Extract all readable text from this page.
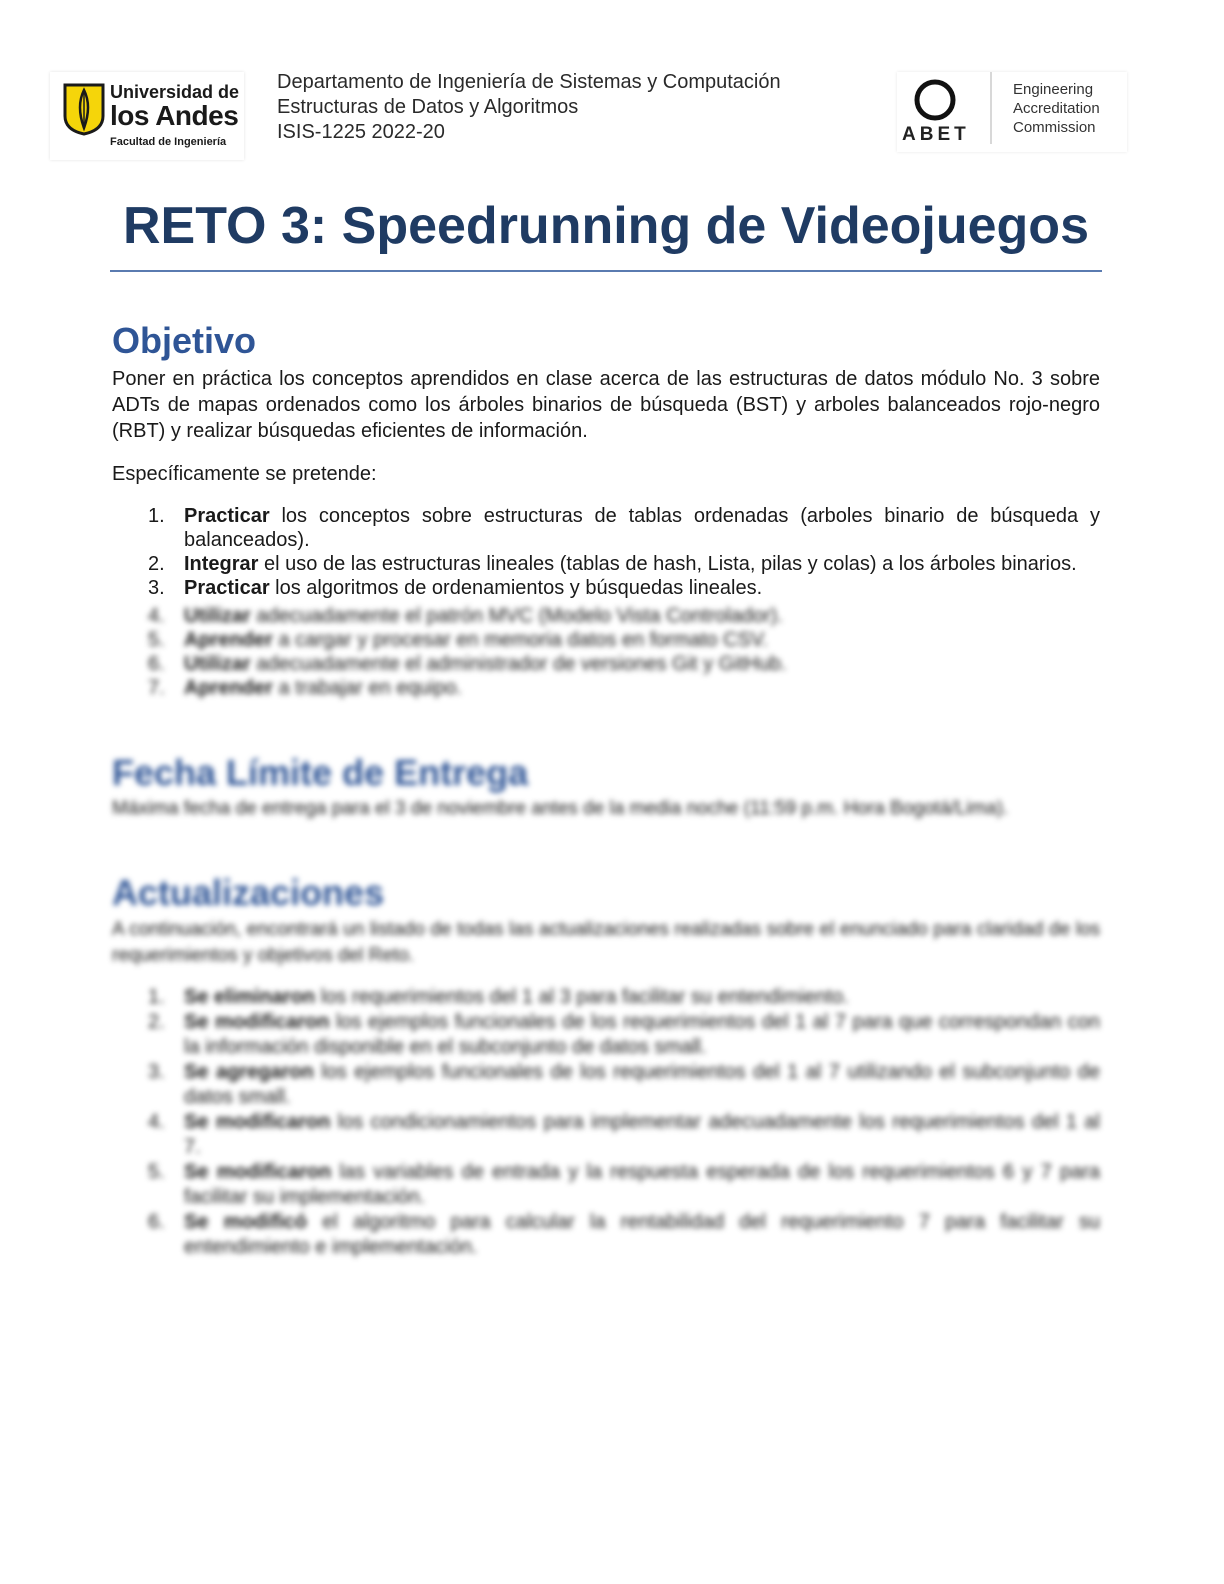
Universidad de
los Andes
Facultad de Ingeniería
Departamento de Ingeniería de Sistemas y Computación
Estructuras de Datos y Algoritmos
ISIS-1225 2022-20	ABET
Engineering
Accreditation
Commission
RETO 3: Speedrunning de Videojuegos
Objetivo
Poner en práctica los conceptos aprendidos en clase acerca de las estructuras de datos módulo No. 3 sobre ADTs de mapas ordenados como los árboles binarios de búsqueda (BST) y arboles balanceados rojo-negro (RBT) y realizar búsquedas eficientes de información.
Específicamente se pretende:
1. Practicar los conceptos sobre estructuras de tablas ordenadas (arboles binario de búsqueda y balanceados).
2. Integrar el uso de las estructuras lineales (tablas de hash, Lista, pilas y colas) a los árboles binarios.
3. Practicar los algoritmos de ordenamientos y búsquedas lineales.
4. Utilizar adecuadamente el patrón MVC (Modelo Vista Controlador).
5. Aprender a cargar y procesar en memoria datos en formato CSV.
6. Utilizar adecuadamente el administrador de versiones Git y GitHub.
7. Aprender a trabajar en equipo.
Fecha Límite de Entrega
Máxima fecha de entrega para el 3 de noviembre antes de la media noche (11:59 p.m. Hora Bogotá/Lima).
Actualizaciones
A continuación, encontrará un listado de todas las actualizaciones realizadas sobre el enunciado para claridad de los requerimientos y objetivos del Reto.
1. Se eliminaron los requerimientos del 1 al 3 para facilitar su entendimiento.
2. Se modificaron los ejemplos funcionales de los requerimientos del 1 al 7 para que correspondan con la información disponible en el subconjunto de datos small.
3. Se agregaron los ejemplos funcionales de los requerimientos del 1 al 7 utilizando el subconjunto de datos small.
4. Se modificaron los condicionamientos para implementar adecuadamente los requerimientos del 1 al 7.
5. Se modificaron las variables de entrada y la respuesta esperada de los requerimientos 6 y 7 para facilitar su implementación.
6. Se modificó el algoritmo para calcular la rentabilidad del requerimiento 7 para facilitar su entendimiento e implementación.
